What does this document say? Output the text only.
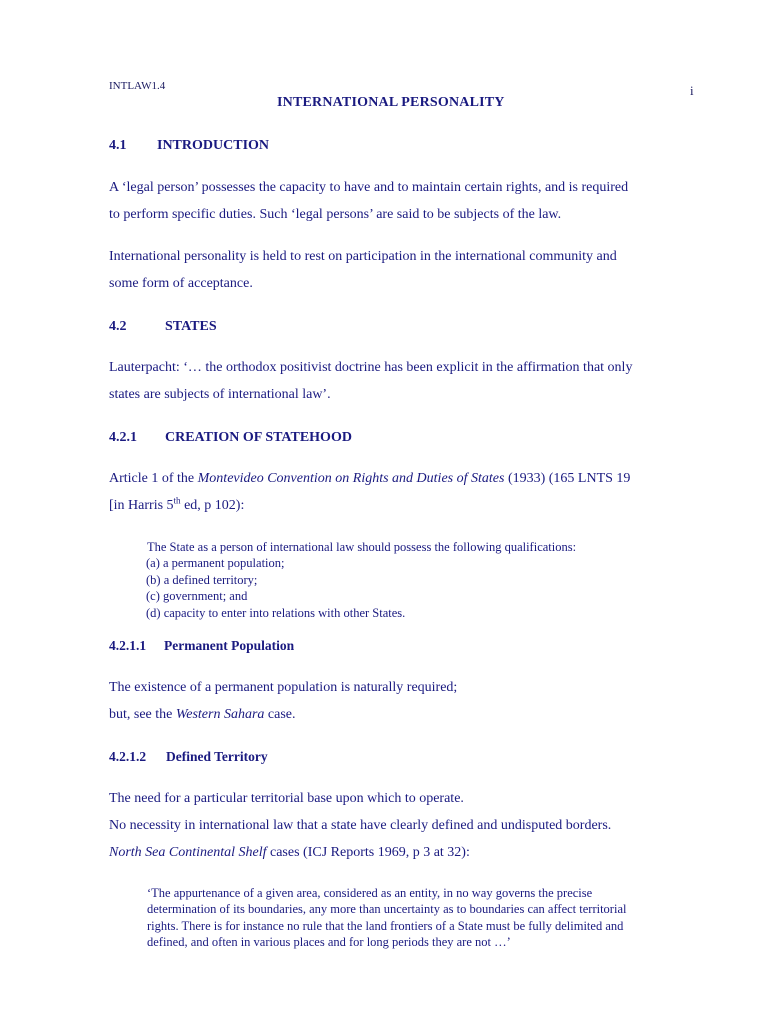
INTLAW1.4	i
INTERNATIONAL PERSONALITY
4.1 INTRODUCTION
A ‘legal person’ possesses the capacity to have and to maintain certain rights, and is required
to perform specific duties. Such ‘legal persons’ are said to be subjects of the law.
International personality is held to rest on participation in the international community and
some form of acceptance.
4.2	STATES
Lauterpacht: ‘… the orthodox positivist doctrine has been explicit in the affirmation that only
states are subjects of international law’.
4.2.1 CREATION OF STATEHOOD
Article 1 of the Montevideo Convention on Rights and Duties of States (1933) (165 LNTS 19
[in Harris 5th ed, p 102):
The State as a person of international law should possess the following qualifications:
(a) a permanent population;
(b) a defined territory;
(c) government; and
(d) capacity to enter into relations with other States.
4.2.1.1 Permanent Population
The existence of a permanent population is naturally required;
but, see the Western Sahara case.
4.2.1.2 Defined Territory
The need for a particular territorial base upon which to operate.
No necessity in international law that a state have clearly defined and undisputed borders.
North Sea Continental Shelf cases (ICJ Reports 1969, p 3 at 32):
‘The appurtenance of a given area, considered as an entity, in no way governs the precise
determination of its boundaries, any more than uncertainty as to boundaries can affect territorial
rights. There is for instance no rule that the land frontiers of a State must be fully delimited and
defined, and often in various places and for long periods they are not …’
